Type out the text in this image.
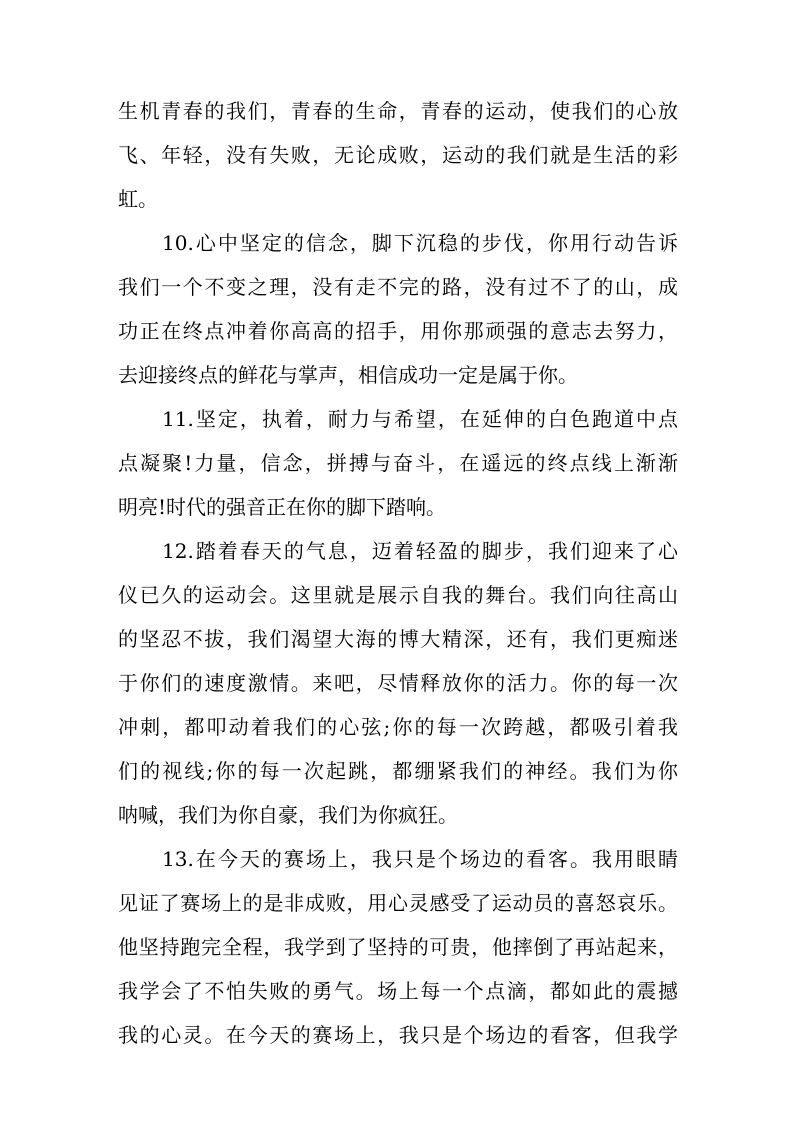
生机青春的我们，青春的生命，青春的运动，使我们的心放
飞、年轻，没有失败，无论成败，运动的我们就是生活的彩
虹。
10.心中坚定的信念，脚下沉稳的步伐，你用行动告诉
我们一个不变之理，没有走不完的路，没有过不了的山，成
功正在终点冲着你高高的招手，用你那顽强的意志去努力，
去迎接终点的鲜花与掌声，相信成功一定是属于你。
11.坚定，执着，耐力与希望，在延伸的白色跑道中点
点凝聚!力量，信念，拼搏与奋斗，在遥远的终点线上渐渐
明亮!时代的强音正在你的脚下踏响。
12.踏着春天的气息，迈着轻盈的脚步，我们迎来了心
仪已久的运动会。这里就是展示自我的舞台。我们向往高山
的坚忍不拔，我们渴望大海的博大精深，还有，我们更痴迷
于你们的速度激情。来吧，尽情释放你的活力。你的每一次
冲刺，都叩动着我们的心弦;你的每一次跨越，都吸引着我
们的视线;你的每一次起跳，都绷紧我们的神经。我们为你
呐喊，我们为你自豪，我们为你疯狂。
13.在今天的赛场上，我只是个场边的看客。我用眼睛
见证了赛场上的是非成败，用心灵感受了运动员的喜怒哀乐。
他坚持跑完全程，我学到了坚持的可贵，他摔倒了再站起来，
我学会了不怕失败的勇气。场上每一个点滴，都如此的震撼
我的心灵。在今天的赛场上，我只是个场边的看客，但我学
